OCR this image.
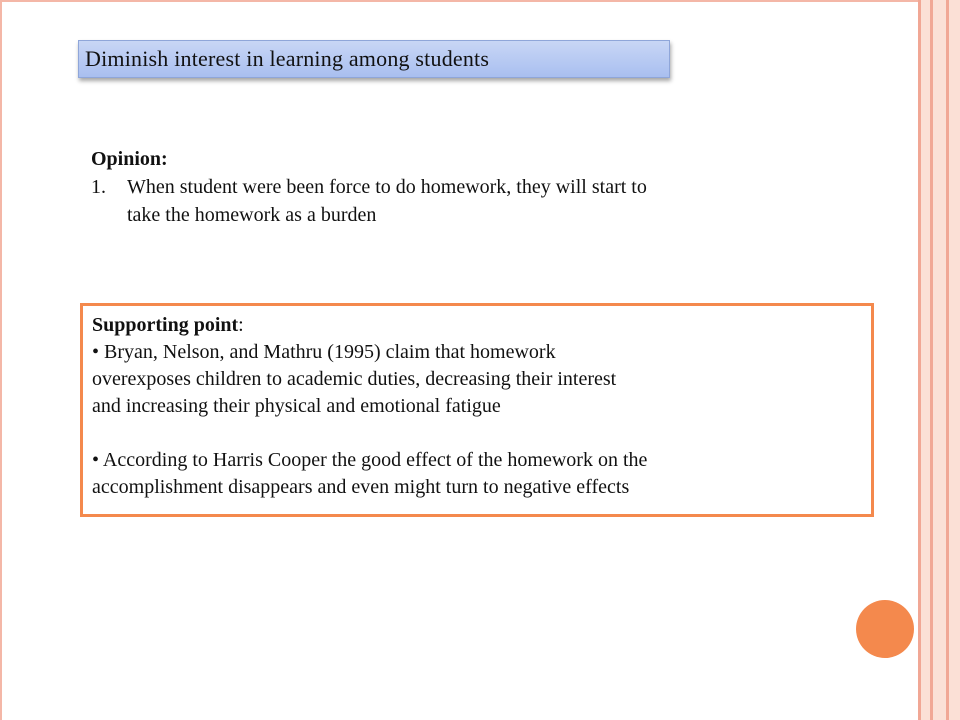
Diminish interest in learning among students
Opinion:
1. When student were been force to do homework, they will start to
take the homework as a burden
Supporting point:
• Bryan, Nelson, and Mathru (1995) claim that homework
overexposes children to academic duties, decreasing their interest
and increasing their physical and emotional fatigue
• According to Harris Cooper the good effect of the homework on the
accomplishment disappears and even might turn to negative effects
